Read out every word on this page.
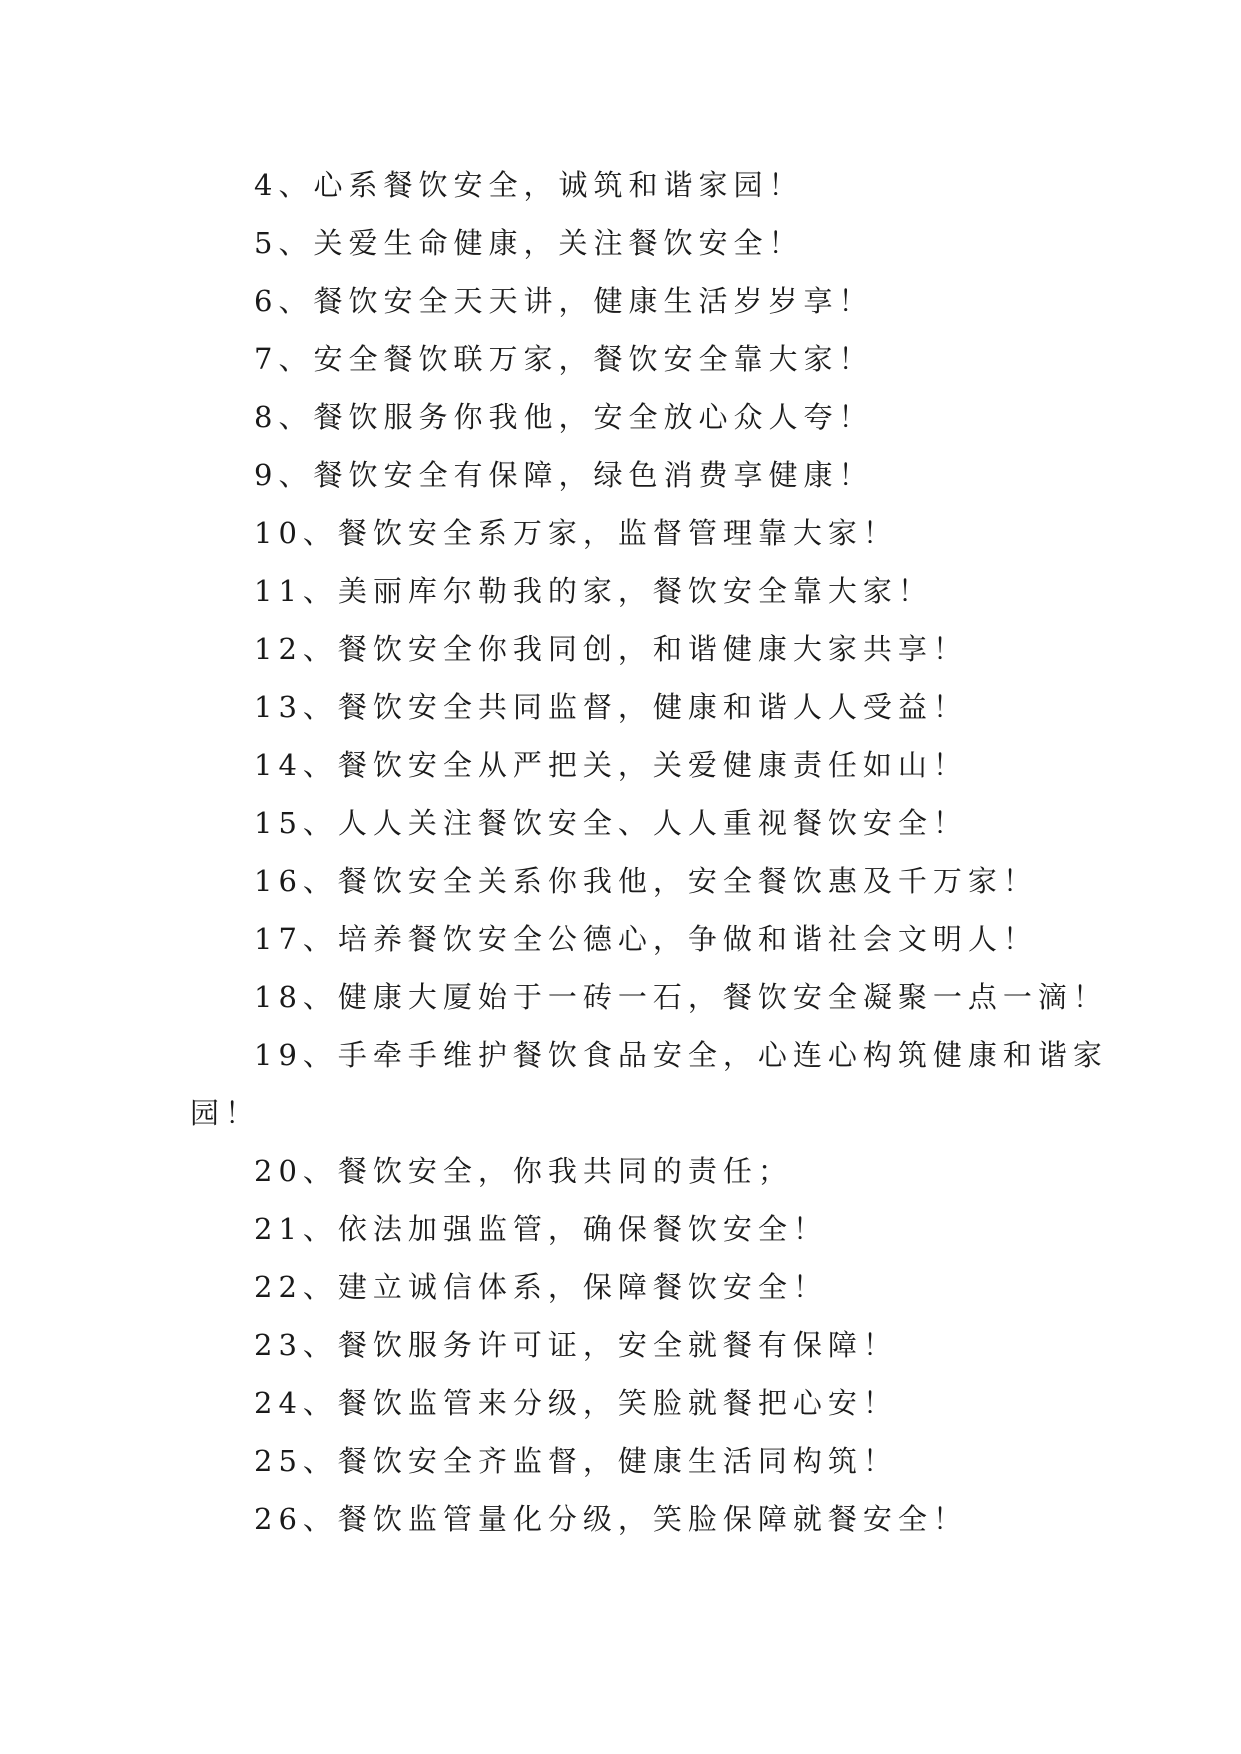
4、心系餐饮安全，诚筑和谐家园！
5、关爱生命健康，关注餐饮安全！
6、餐饮安全天天讲，健康生活岁岁享！
7、安全餐饮联万家，餐饮安全靠大家！
8、餐饮服务你我他，安全放心众人夸！
9、餐饮安全有保障，绿色消费享健康！
10、餐饮安全系万家，监督管理靠大家！
11、美丽库尔勒我的家，餐饮安全靠大家！
12、餐饮安全你我同创，和谐健康大家共享！
13、餐饮安全共同监督，健康和谐人人受益！
14、餐饮安全从严把关，关爱健康责任如山！
15、人人关注餐饮安全、人人重视餐饮安全！
16、餐饮安全关系你我他，安全餐饮惠及千万家！
17、培养餐饮安全公德心，争做和谐社会文明人！
18、健康大厦始于一砖一石，餐饮安全凝聚一点一滴！
19、手牵手维护餐饮食品安全，心连心构筑健康和谐家
园！
20、餐饮安全，你我共同的责任；
21、依法加强监管，确保餐饮安全！
22、建立诚信体系，保障餐饮安全！
23、餐饮服务许可证，安全就餐有保障！
24、餐饮监管来分级，笑脸就餐把心安！
25、餐饮安全齐监督，健康生活同构筑！
26、餐饮监管量化分级，笑脸保障就餐安全！
